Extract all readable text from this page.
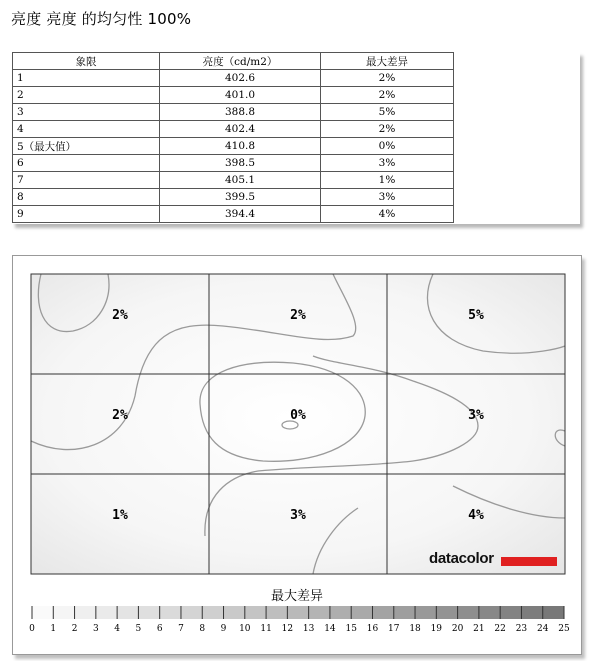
亮度 亮度 的均匀性 100%
象限	亮度（cd/m2）	最大差异
1	402.6	2%
2	401.0	2%
3	388.8	5%
4	402.4	2%
5（最大值）	410.8	0%
6	398.5	3%
7	405.1	1%
8	399.5	3%
9	394.4	4%
2%	2%	5%
2%	0%	3%
1%	3%	4%
0 1 2 3 4 5 6 7 8 9 10 11 12 13 14 15 16 17 18 19 20 21 22 23 24 25
最大差异
datacolor
